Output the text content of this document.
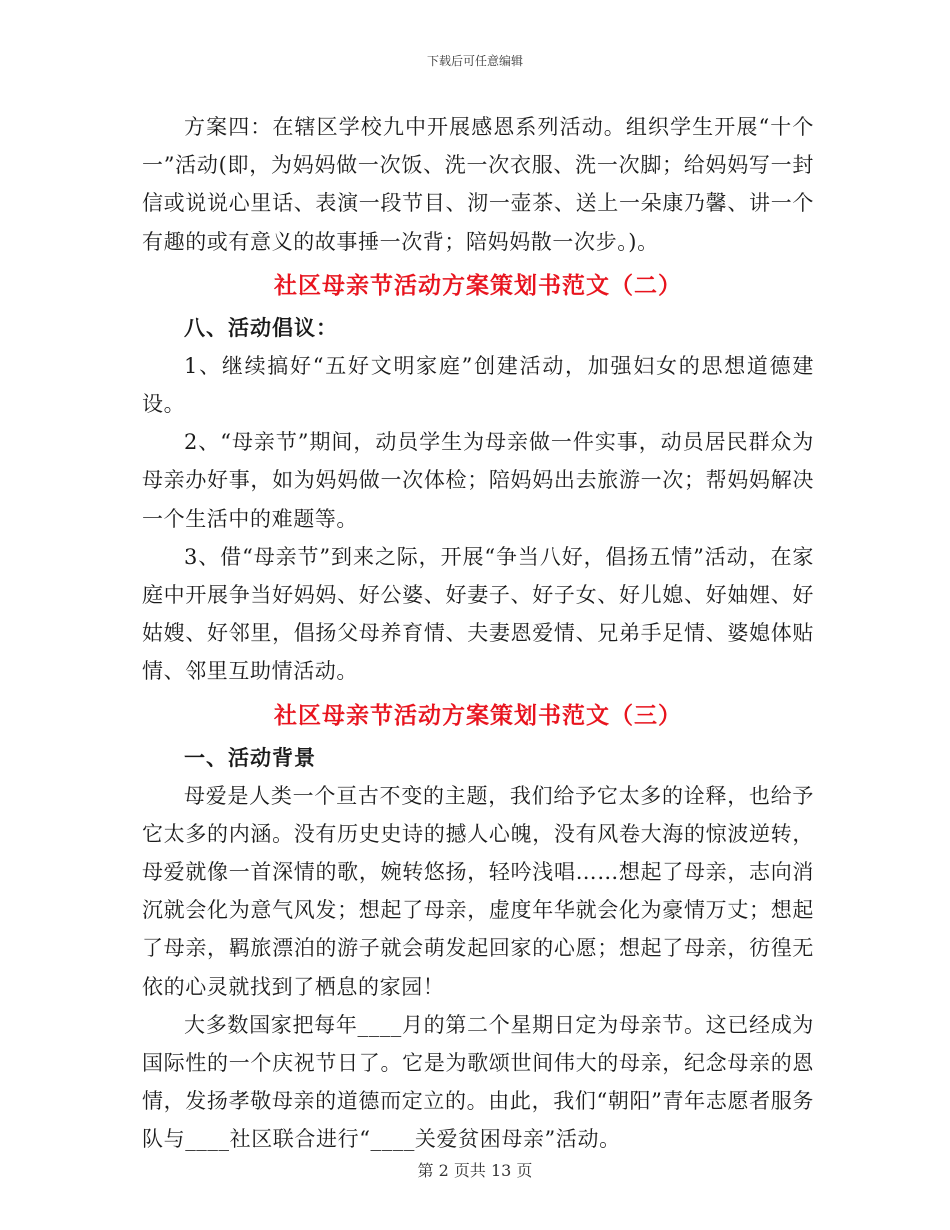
下载后可任意编辑

方案四：在辖区学校九中开展感恩系列活动。组织学生开展“十个一”活动(即，为妈妈做一次饭、洗一次衣服、洗一次脚；给妈妈写一封信或说说心里话、表演一段节目、沏一壶茶、送上一朵康乃馨、讲一个有趣的或有意义的故事捶一次背；陪妈妈散一次步。)。

社区母亲节活动方案策划书范文（二）
八、活动倡议：

1、继续搞好“五好文明家庭”创建活动，加强妇女的思想道德建设。

2、“母亲节”期间，动员学生为母亲做一件实事，动员居民群众为母亲办好事，如为妈妈做一次体检；陪妈妈出去旅游一次；帮妈妈解决一个生活中的难题等。

3、借“母亲节”到来之际，开展“争当八好，倡扬五情”活动，在家庭中开展争当好妈妈、好公婆、好妻子、好子女、好儿媳、好妯娌、好姑嫂、好邻里，倡扬父母养育情、夫妻恩爱情、兄弟手足情、婆媳体贴情、邻里互助情活动。

社区母亲节活动方案策划书范文（三）
一、活动背景

母爱是人类一个亘古不变的主题，我们给予它太多的诠释，也给予它太多的内涵。没有历史史诗的撼人心魄，没有风卷大海的惊波逆转，母爱就像一首深情的歌，婉转悠扬，轻吟浅唱……想起了母亲，志向消沉就会化为意气风发；想起了母亲，虚度年华就会化为豪情万丈；想起了母亲，羁旅漂泊的游子就会萌发起回家的心愿；想起了母亲，彷徨无依的心灵就找到了栖息的家园！

大多数国家把每年____月的第二个星期日定为母亲节。这已经成为国际性的一个庆祝节日了。它是为歌颂世间伟大的母亲，纪念母亲的恩情，发扬孝敬母亲的道德而定立的。由此，我们“朝阳”青年志愿者服务队与____社区联合进行“____关爱贫困母亲”活动。

第 2 页共 13 页
